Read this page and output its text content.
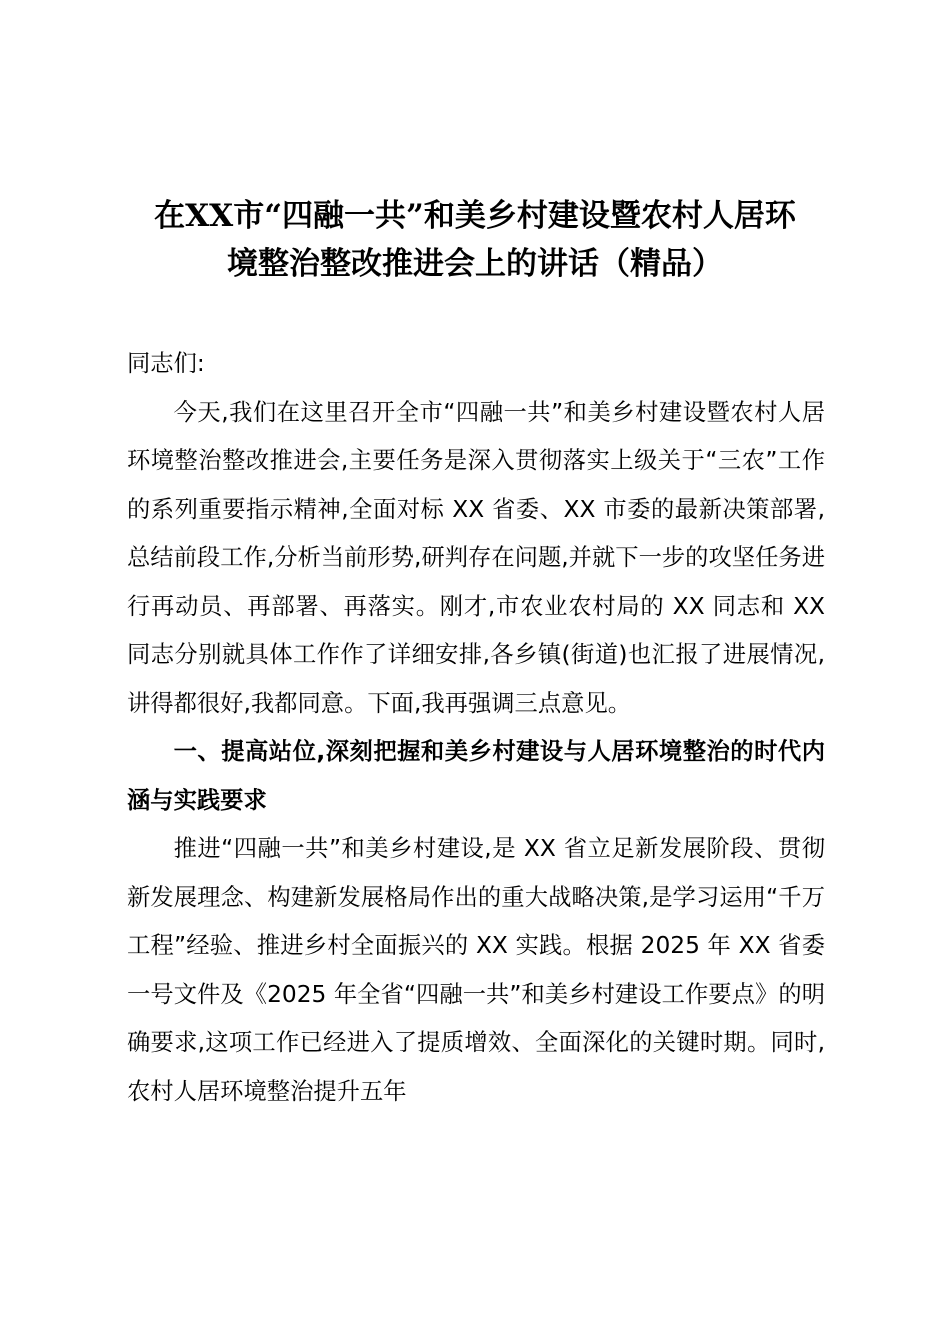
在XX市“四融一共”和美乡村建设暨农村人居环
境整治整改推进会上的讲话（精品）

同志们:

今天,我们在这里召开全市“四融一共”和美乡村建设暨农村人居环境整治整改推进会,主要任务是深入贯彻落实上级关于“三农”工作的系列重要指示精神,全面对标 XX 省委、XX 市委的最新决策部署,总结前段工作,分析当前形势,研判存在问题,并就下一步的攻坚任务进行再动员、再部署、再落实。刚才,市农业农村局的 XX 同志和 XX 同志分别就具体工作作了详细安排,各乡镇(街道)也汇报了进展情况,讲得都很好,我都同意。下面,我再强调三点意见。

一、提高站位,深刻把握和美乡村建设与人居环境整治的时代内涵与实践要求

推进“四融一共”和美乡村建设,是 XX 省立足新发展阶段、贯彻新发展理念、构建新发展格局作出的重大战略决策,是学习运用“千万工程”经验、推进乡村全面振兴的 XX 实践。根据 2025 年 XX 省委一号文件及《2025 年全省“四融一共”和美乡村建设工作要点》的明确要求,这项工作已经进入了提质增效、全面深化的关键时期。同时,农村人居环境整治提升五年
